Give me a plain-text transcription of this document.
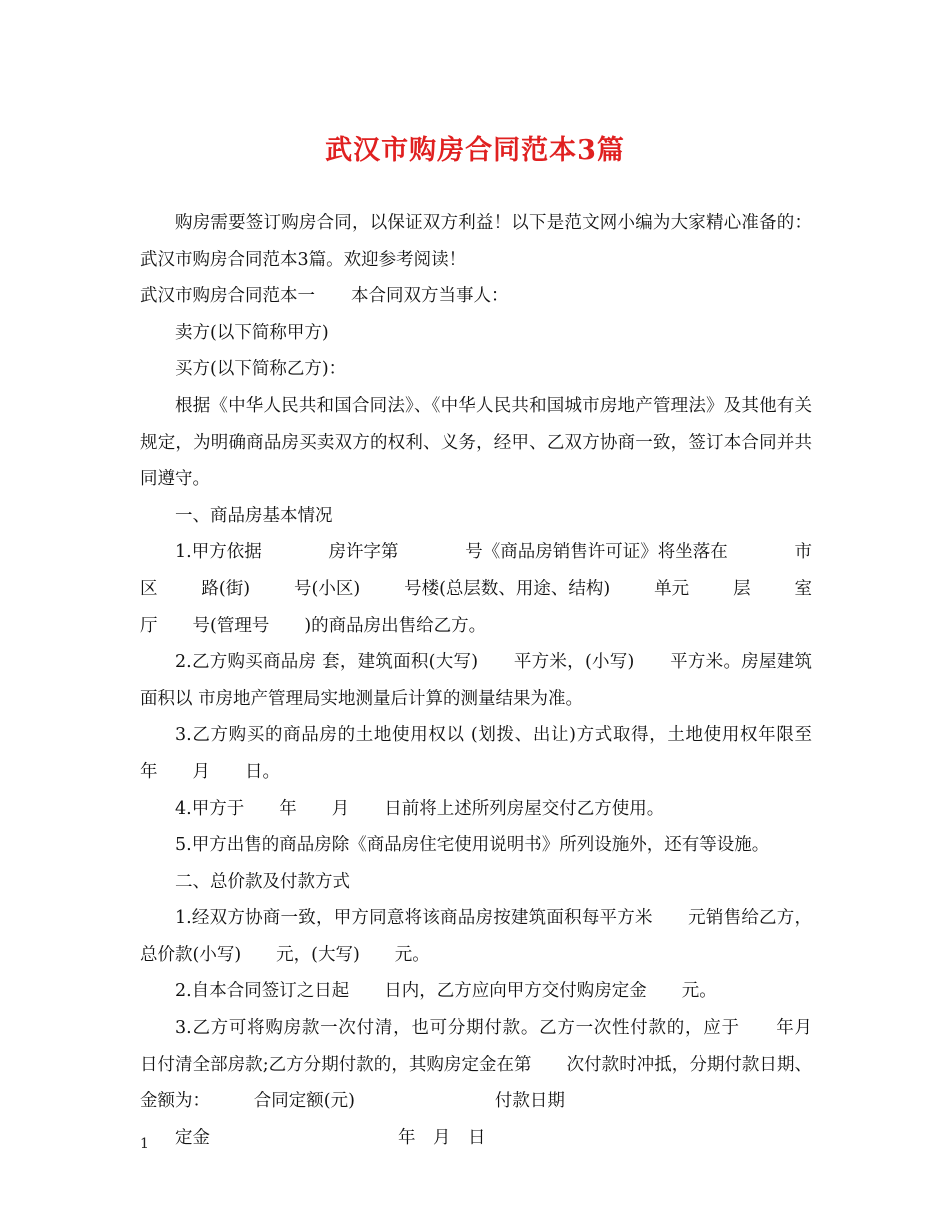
武汉市购房合同范本3篇

购房需要签订购房合同，以保证双方利益！以下是范文网小编为大家精心准备的：武汉市购房合同范本3篇。欢迎参考阅读！

武汉市购房合同范本一 本合同双方当事人：

卖方(以下简称甲方)

买方(以下简称乙方)：

根据《中华人民共和国合同法》、《中华人民共和国城市房地产管理法》及其他有关规定，为明确商品房买卖双方的权利、义务，经甲、乙双方协商一致，签订本合同并共同遵守。

一、商品房基本情况

1.甲方依据	房许字第	号《商品房销售许可证》将坐落在	市
区	路(街)	号(小区)	号楼(总层数、用途、结构)	单元	层	室

厅　　号(管理号　　)的商品房出售给乙方。

2.乙方购买商品房 套，建筑面积(大写)　　平方米，(小写)　　平方米。房屋建筑面积以 市房地产管理局实地测量后计算的测量结果为准。

3.乙方购买的商品房的土地使用权以 (划拨、出让)方式取得，土地使用权年限至　　年　　月　　日。

4.甲方于　　年　　月　　日前将上述所列房屋交付乙方使用。

5.甲方出售的商品房除《商品房住宅使用说明书》所列设施外，还有等设施。

二、总价款及付款方式

1.经双方协商一致，甲方同意将该商品房按建筑面积每平方米　　元销售给乙方，总价款(小写)　　元，(大写)　　元。

2.自本合同签订之日起　　日内，乙方应向甲方交付购房定金　　元。

3.乙方可将购房款一次付清，也可分期付款。乙方一次性付款的，应于　　年月　　日付清全部房款;乙方分期付款的，其购房定金在第　　次付款时冲抵，分期付款日期、金额为：　　　合同定额(元)　　　　　　　　付款日期

定金	年　月　日

1
